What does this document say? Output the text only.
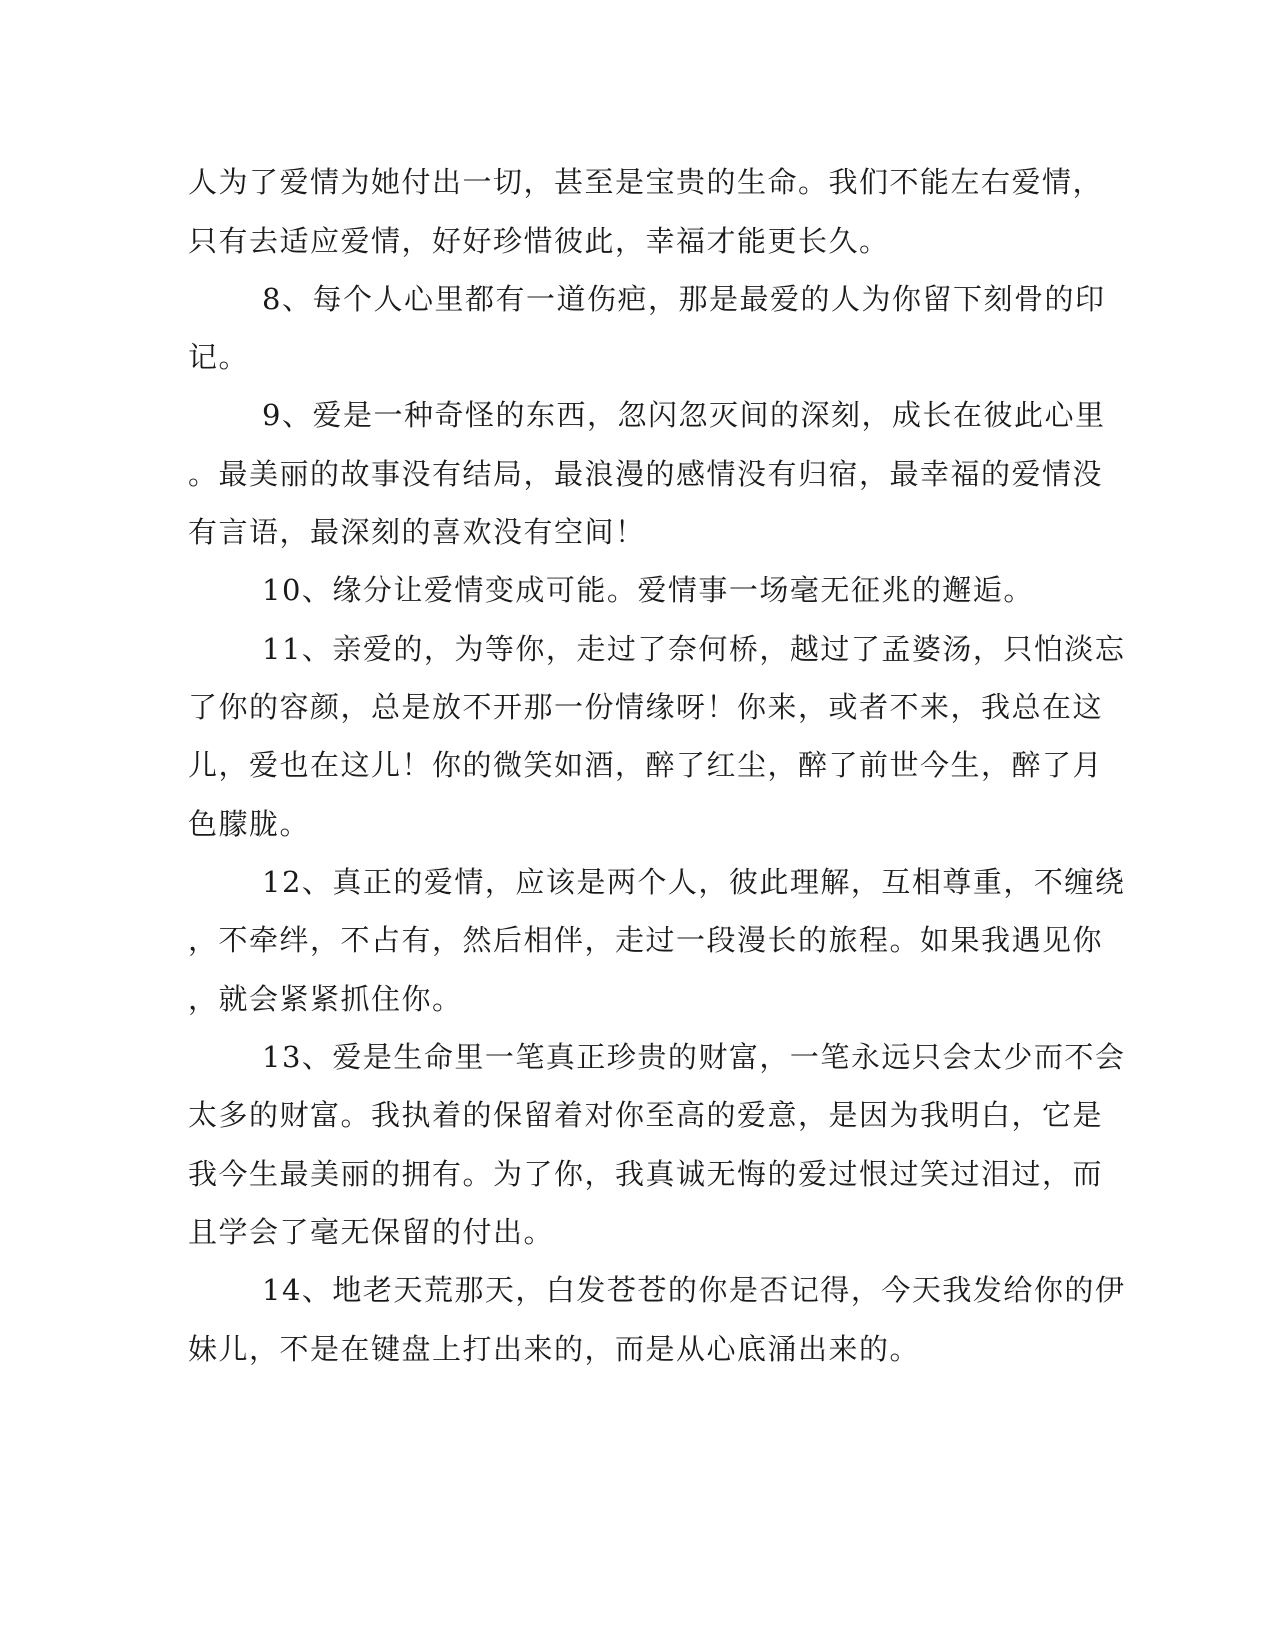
人为了爱情为她付出一切，甚至是宝贵的生命。我们不能左右爱情，

只有去适应爱情，好好珍惜彼此，幸福才能更长久。

8、每个人心里都有一道伤疤，那是最爱的人为你留下刻骨的印

记。

9、爱是一种奇怪的东西，忽闪忽灭间的深刻，成长在彼此心里

。最美丽的故事没有结局，最浪漫的感情没有归宿，最幸福的爱情没

有言语，最深刻的喜欢没有空间！

10、缘分让爱情变成可能。爱情事一场毫无征兆的邂逅。

11、亲爱的，为等你，走过了奈何桥，越过了孟婆汤，只怕淡忘

了你的容颜，总是放不开那一份情缘呀！你来，或者不来，我总在这

儿，爱也在这儿！你的微笑如酒，醉了红尘，醉了前世今生，醉了月

色朦胧。

12、真正的爱情，应该是两个人，彼此理解，互相尊重，不缠绕

，不牵绊，不占有，然后相伴，走过一段漫长的旅程。如果我遇见你

，就会紧紧抓住你。

13、爱是生命里一笔真正珍贵的财富，一笔永远只会太少而不会

太多的财富。我执着的保留着对你至高的爱意，是因为我明白，它是

我今生最美丽的拥有。为了你，我真诚无悔的爱过恨过笑过泪过，而

且学会了毫无保留的付出。

14、地老天荒那天，白发苍苍的你是否记得，今天我发给你的伊

妹儿，不是在键盘上打出来的，而是从心底涌出来的。
